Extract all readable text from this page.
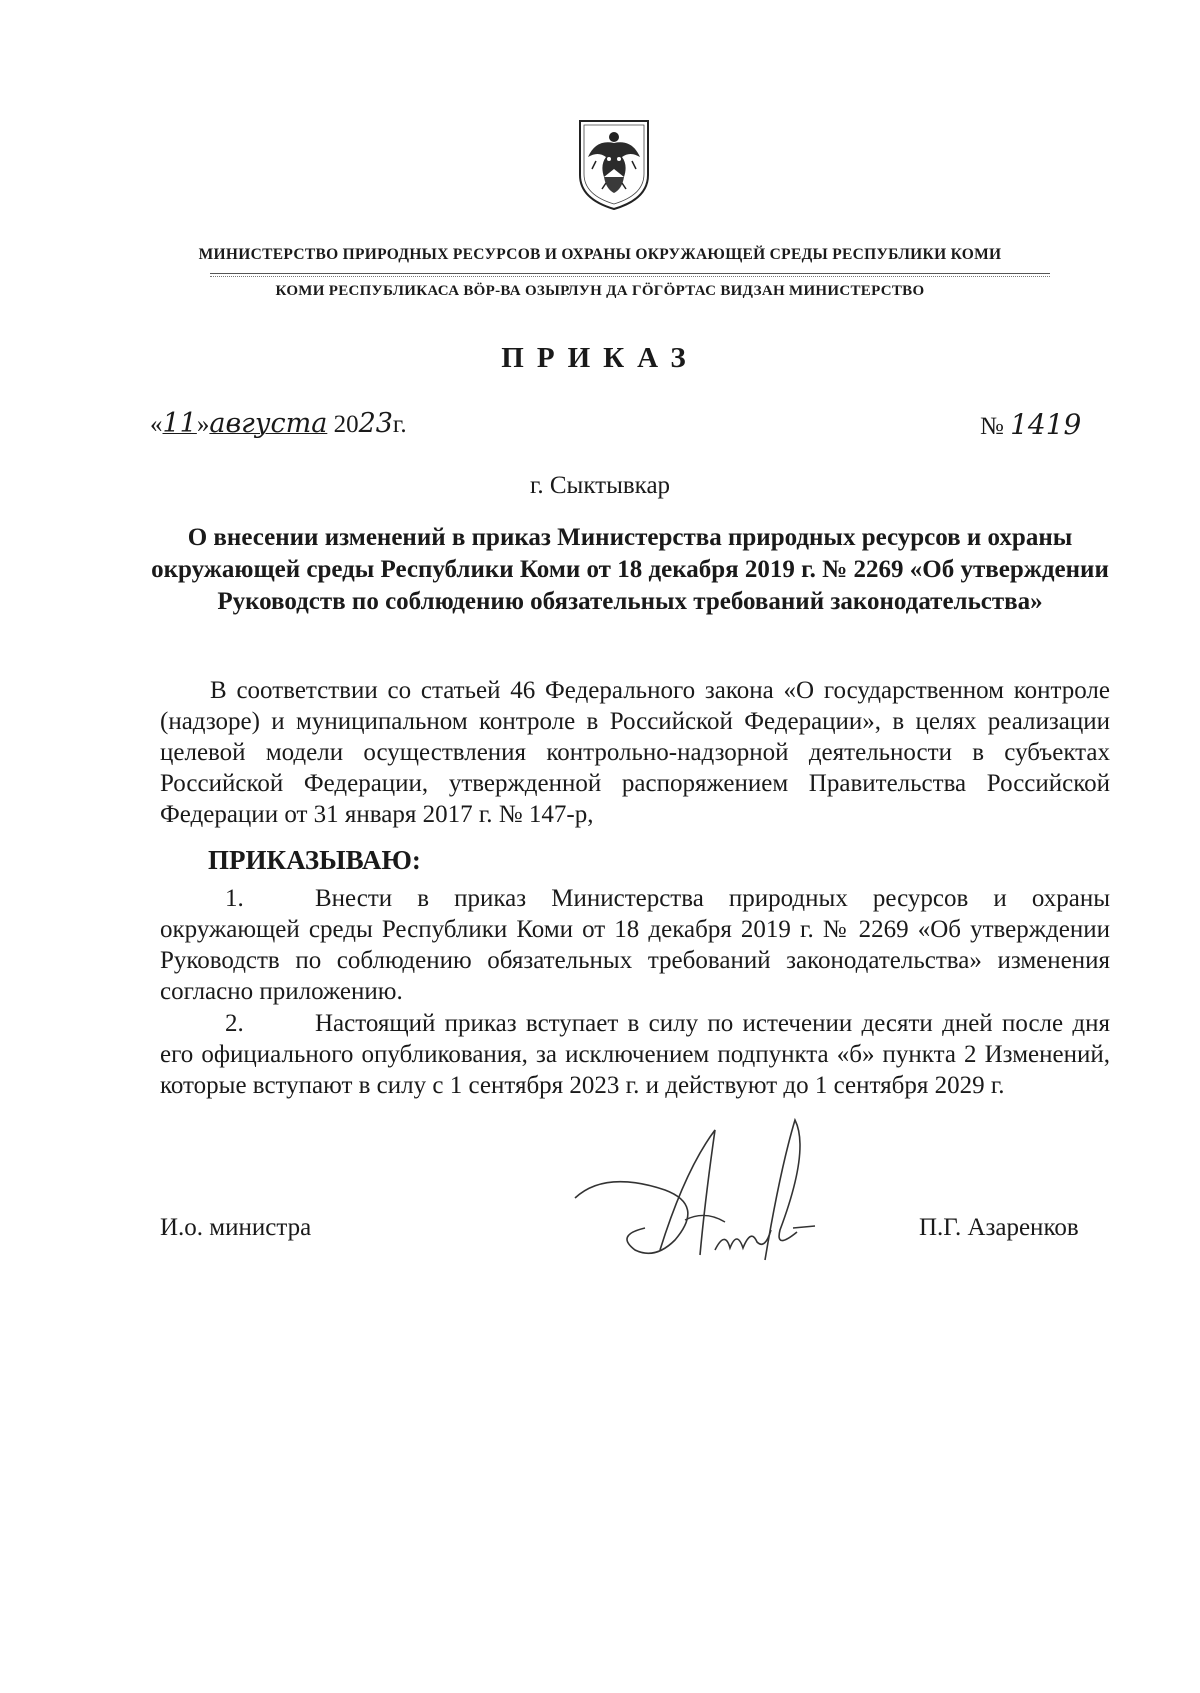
МИНИСТЕРСТВО ПРИРОДНЫХ РЕСУРСОВ И ОХРАНЫ ОКРУЖАЮЩЕЙ СРЕДЫ РЕСПУБЛИКИ КОМИ
КОМИ РЕСПУБЛИКАСА ВӦР-ВА ОЗЫРЛУН ДА ГӦГӦРТАС ВИДЗАН МИНИСТЕРСТВО
ПРИКАЗ
«11»августа 2023г.	№ 1419
г. Сыктывкар
О внесении изменений в приказ Министерства природных ресурсов и охраны окружающей среды Республики Коми от 18 декабря 2019 г. № 2269 «Об утверждении Руководств по соблюдению обязательных требований законодательства»
В соответствии со статьей 46 Федерального закона «О государственном контроле (надзоре) и муниципальном контроле в Российской Федерации», в целях реализации целевой модели осуществления контрольно-надзорной деятельности в субъектах Российской Федерации, утвержденной распоряжением Правительства Российской Федерации от 31 января 2017 г. № 147-р,
ПРИКАЗЫВАЮ:
1.	Внести в приказ Министерства природных ресурсов и охраны окружающей среды Республики Коми от 18 декабря 2019 г. № 2269 «Об утверждении Руководств по соблюдению обязательных требований законодательства» изменения согласно приложению.
2.	Настоящий приказ вступает в силу по истечении десяти дней после дня его официального опубликования, за исключением подпункта «б» пункта 2 Изменений, которые вступают в силу с 1 сентября 2023 г. и действуют до 1 сентября 2029 г.
И.о. министра	П.Г. Азаренков
